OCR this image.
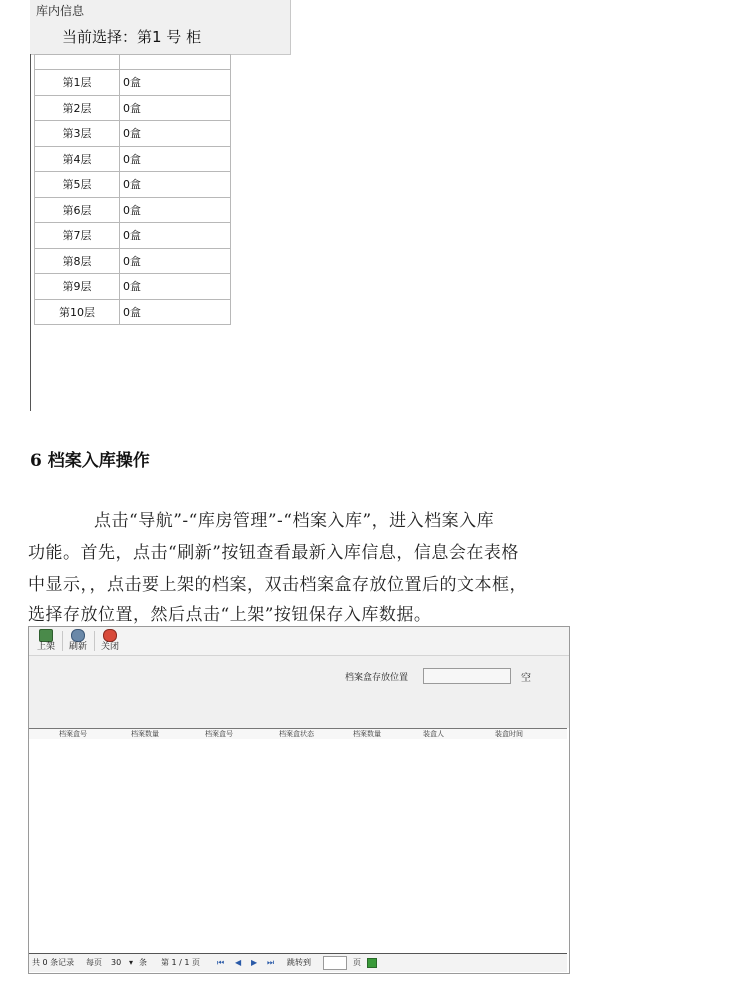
库内信息
当前选择：第1 号 柜

第1层	0盒
第2层	0盒
第3层	0盒
第4层	0盒
第5层	0盒
第6层	0盒
第7层	0盒
第8层	0盒
第9层	0盒
第10层	0盒
6 档案入库操作
点击“导航”-“库房管理”-“档案入库”，进入档案入库
功能。首先，点击“刷新”按钮查看最新入库信息，信息会在表格
中显示，，点击要上架的档案，双击档案盒存放位置后的文本框，
选择存放位置，然后点击“上架”按钮保存入库数据。
上架	刷新	关闭
档案盒存放位置	空
档案盒号	档案数量	档案盒号	档案盒状态	档案数量	装盒人	装盒时间
共 0 条记录 每页 30 ▾ 条 第 1 / 1 页 ⏮ ◀ ▶ ⏭ 跳转到	页
